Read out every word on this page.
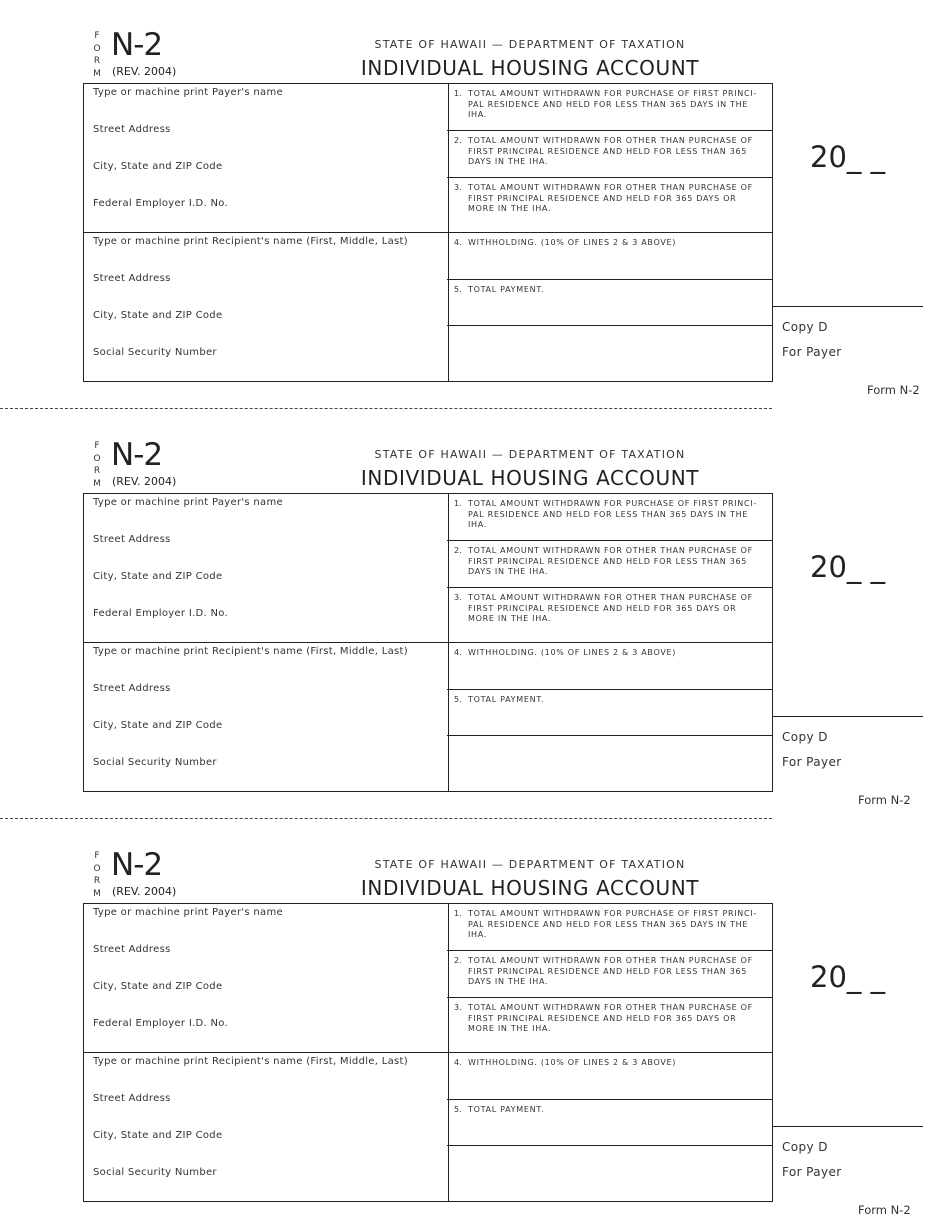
F
O
R
M
N-2
(REV. 2004)
STATE OF HAWAII — DEPARTMENT OF TAXATION
INDIVIDUAL HOUSING ACCOUNT
Type or machine print Payer's name
Street Address
City, State and ZIP Code
Federal Employer I.D. No.
Type or machine print Recipient's name (First, Middle, Last)
Street Address
City, State and ZIP Code
Social Security Number
1. TOTAL AMOUNT WITHDRAWN FOR PURCHASE OF FIRST PRINCI-PAL RESIDENCE AND HELD FOR LESS THAN 365 DAYS IN THE IHA.
2. TOTAL AMOUNT WITHDRAWN FOR OTHER THAN PURCHASE OF FIRST PRINCIPAL RESIDENCE AND HELD FOR LESS THAN 365 DAYS IN THE IHA.
3. TOTAL AMOUNT WITHDRAWN FOR OTHER THAN PURCHASE OF FIRST PRINCIPAL RESIDENCE AND HELD FOR 365 DAYS OR MORE IN THE IHA.
4. WITHHOLDING. (10% OF LINES 2 & 3 ABOVE)
5. TOTAL PAYMENT.
20_ _
Copy D
For Payer
Form N-2
F
O
R
M
N-2
(REV. 2004)
STATE OF HAWAII — DEPARTMENT OF TAXATION
INDIVIDUAL HOUSING ACCOUNT
Type or machine print Payer's name
Street Address
City, State and ZIP Code
Federal Employer I.D. No.
Type or machine print Recipient's name (First, Middle, Last)
Street Address
City, State and ZIP Code
Social Security Number
1. TOTAL AMOUNT WITHDRAWN FOR PURCHASE OF FIRST PRINCI-PAL RESIDENCE AND HELD FOR LESS THAN 365 DAYS IN THE IHA.
2. TOTAL AMOUNT WITHDRAWN FOR OTHER THAN PURCHASE OF FIRST PRINCIPAL RESIDENCE AND HELD FOR LESS THAN 365 DAYS IN THE IHA.
3. TOTAL AMOUNT WITHDRAWN FOR OTHER THAN PURCHASE OF FIRST PRINCIPAL RESIDENCE AND HELD FOR 365 DAYS OR MORE IN THE IHA.
4. WITHHOLDING. (10% OF LINES 2 & 3 ABOVE)
5. TOTAL PAYMENT.
20_ _
Copy D
For Payer
Form N-2
F
O
R
M
N-2
(REV. 2004)
STATE OF HAWAII — DEPARTMENT OF TAXATION
INDIVIDUAL HOUSING ACCOUNT
Type or machine print Payer's name
Street Address
City, State and ZIP Code
Federal Employer I.D. No.
Type or machine print Recipient's name (First, Middle, Last)
Street Address
City, State and ZIP Code
Social Security Number
1. TOTAL AMOUNT WITHDRAWN FOR PURCHASE OF FIRST PRINCI-PAL RESIDENCE AND HELD FOR LESS THAN 365 DAYS IN THE IHA.
2. TOTAL AMOUNT WITHDRAWN FOR OTHER THAN PURCHASE OF FIRST PRINCIPAL RESIDENCE AND HELD FOR LESS THAN 365 DAYS IN THE IHA.
3. TOTAL AMOUNT WITHDRAWN FOR OTHER THAN PURCHASE OF FIRST PRINCIPAL RESIDENCE AND HELD FOR 365 DAYS OR MORE IN THE IHA.
4. WITHHOLDING. (10% OF LINES 2 & 3 ABOVE)
5. TOTAL PAYMENT.
20_ _
Copy D
For Payer
Form N-2
